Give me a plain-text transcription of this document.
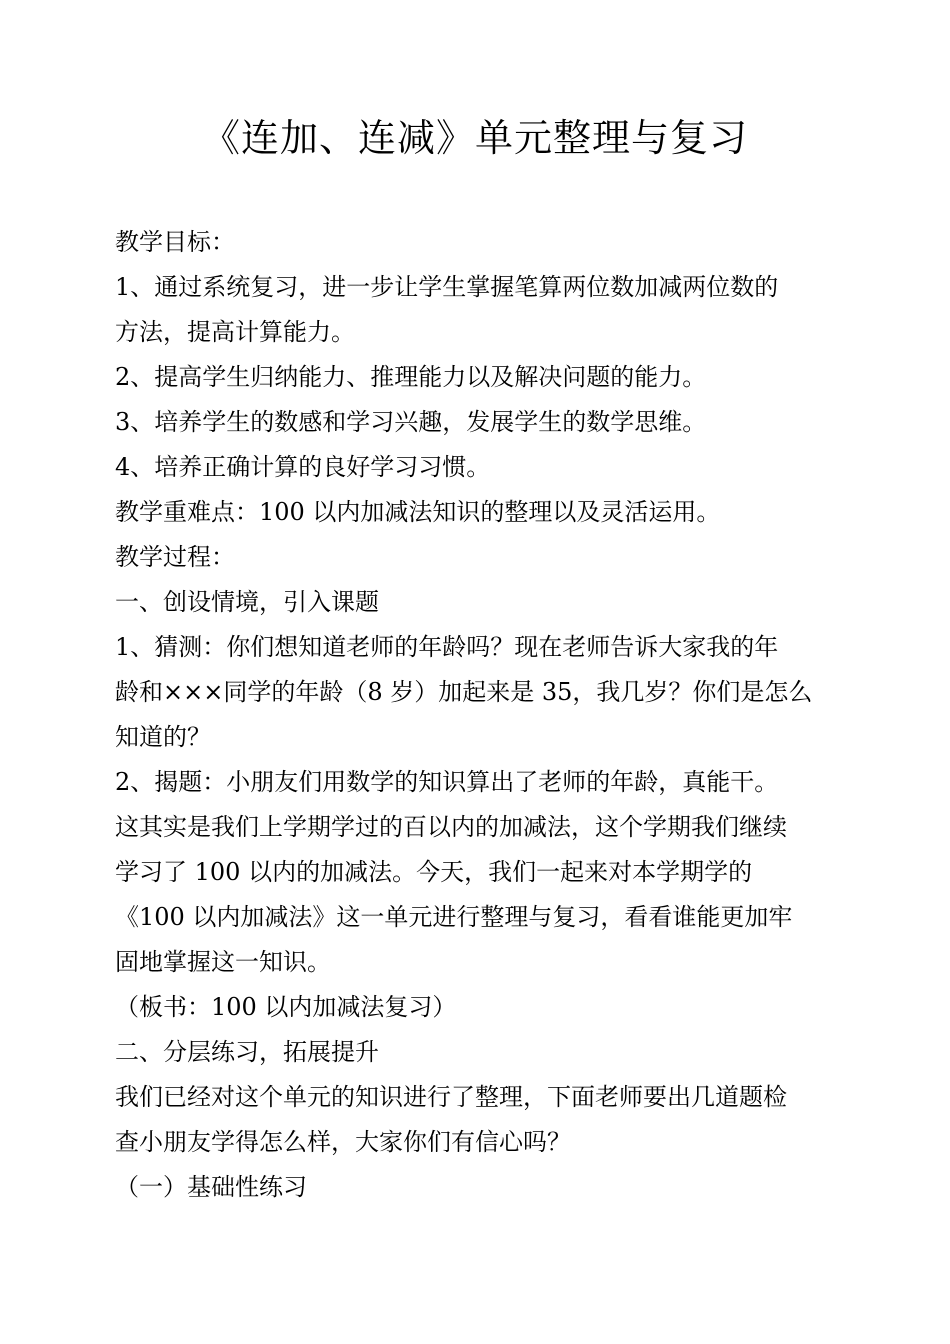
《连加、连减》单元整理与复习
教学目标：
1、通过系统复习，进一步让学生掌握笔算两位数加减两位数的
方法，提高计算能力。
2、提高学生归纳能力、推理能力以及解决问题的能力。
3、培养学生的数感和学习兴趣，发展学生的数学思维。
4、培养正确计算的良好学习习惯。
教学重难点：100 以内加减法知识的整理以及灵活运用。
教学过程：
一、创设情境，引入课题
1、猜测：你们想知道老师的年龄吗？现在老师告诉大家我的年
龄和×××同学的年龄（8 岁）加起来是 35，我几岁？你们是怎么
知道的？
2、揭题：小朋友们用数学的知识算出了老师的年龄，真能干。
这其实是我们上学期学过的百以内的加减法，这个学期我们继续
学习了 100 以内的加减法。今天，我们一起来对本学期学的
《100 以内加减法》这一单元进行整理与复习，看看谁能更加牢
固地掌握这一知识。
（板书：100 以内加减法复习）
二、分层练习，拓展提升
我们已经对这个单元的知识进行了整理，下面老师要出几道题检
查小朋友学得怎么样，大家你们有信心吗？
（一）基础性练习
